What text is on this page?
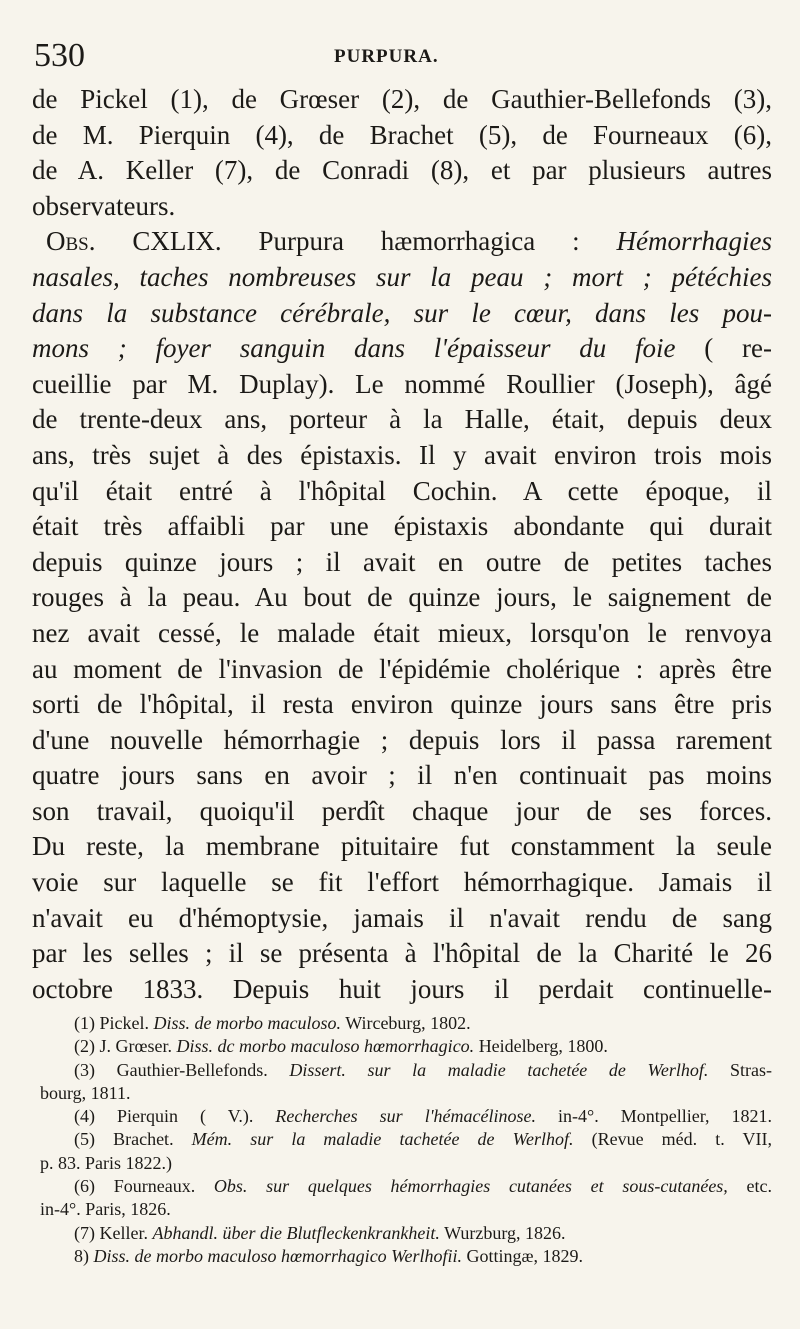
530	PURPURA.
de Pickel (1), de Grœser (2), de Gauthier-Bellefonds (3),
de M. Pierquin (4), de Brachet (5), de Fourneaux (6),
de A. Keller (7), de Conradi (8), et par plusieurs autres
observateurs.
Obs. CXLIX. Purpura hæmorrhagica : Hémorrhagies
nasales, taches nombreuses sur la peau ; mort ; pétéchies
dans la substance cérébrale, sur le cœur, dans les pou-
mons ; foyer sanguin dans l'épaisseur du foie ( re-
cueillie par M. Duplay). Le nommé Roullier (Joseph), âgé
de trente-deux ans, porteur à la Halle, était, depuis deux
ans, très sujet à des épistaxis. Il y avait environ trois mois
qu'il était entré à l'hôpital Cochin. A cette époque, il
était très affaibli par une épistaxis abondante qui durait
depuis quinze jours ; il avait en outre de petites taches
rouges à la peau. Au bout de quinze jours, le saignement de
nez avait cessé, le malade était mieux, lorsqu'on le renvoya
au moment de l'invasion de l'épidémie cholérique : après être
sorti de l'hôpital, il resta environ quinze jours sans être pris
d'une nouvelle hémorrhagie ; depuis lors il passa rarement
quatre jours sans en avoir ; il n'en continuait pas moins
son travail, quoiqu'il perdît chaque jour de ses forces.
Du reste, la membrane pituitaire fut constamment la seule
voie sur laquelle se fit l'effort hémorrhagique. Jamais il
n'avait eu d'hémoptysie, jamais il n'avait rendu de sang
par les selles ; il se présenta à l'hôpital de la Charité le 26
octobre 1833. Depuis huit jours il perdait continuelle-
(1) Pickel. Diss. de morbo maculoso. Wirceburg, 1802.
(2) J. Grœser. Diss. dc morbo maculoso hœmorrhagico. Heidelberg, 1800.
(3) Gauthier-Bellefonds. Dissert. sur la maladie tachetée de Werlhof. Stras-
bourg, 1811.
(4) Pierquin ( V.). Recherches sur l'hémacélinose. in-4°. Montpellier, 1821.
(5) Brachet. Mém. sur la maladie tachetée de Werlhof. (Revue méd. t. VII,
p. 83. Paris 1822.)
(6) Fourneaux. Obs. sur quelques hémorrhagies cutanées et sous-cutanées, etc.
in-4°. Paris, 1826.
(7) Keller. Abhandl. über die Blutfleckenkrankheit. Wurzburg, 1826.
8) Diss. de morbo maculoso hœmorrhagico Werlhofii. Gottingæ, 1829.
